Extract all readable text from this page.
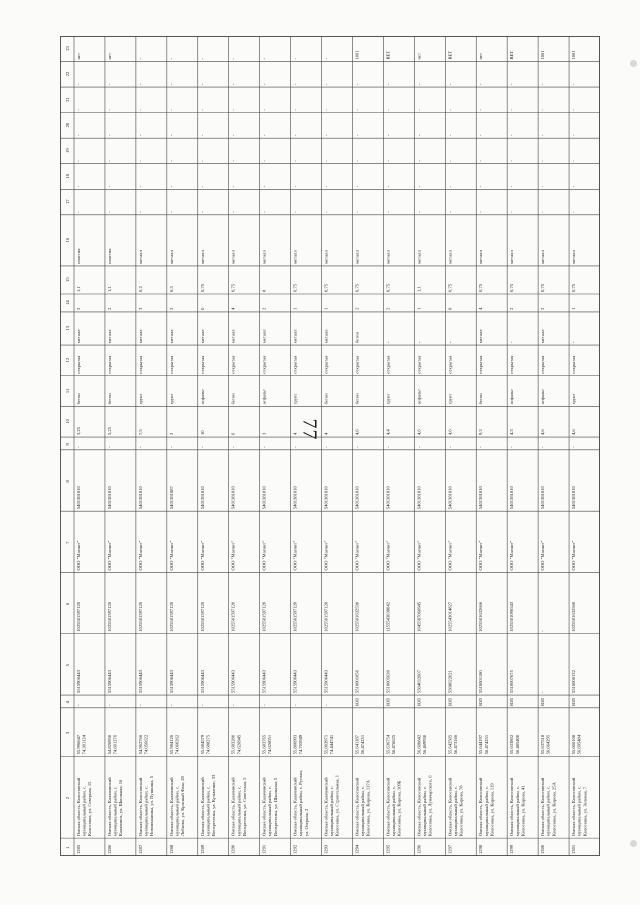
77
1
2
3
4
5
6
7
8
9
10
11
12
13
14
15
16
17
18
19
20
21
22
23
1285
Омская область, Колосовский муниципальный район, с. Колосовка, ул. Северная, 15
55.996647 74.301124
-
5515906443
1025501597120
ООО "Магнит"
5401381810
-
3,25
бетон
открытая
металл
2
1,1
пластик
-
-
-
-
-
-
нет
1286
Омская область, Калачинский муниципальный район, г. Калачинск, ул. Школьная, 16
54.826950 74.601276
-
5515906443
1025501597120
ООО "Магнит"
5401381810
-
5,25
бетон
открытая
металл
2
1,1
пластик
-
-
-
-
-
-
нет
1287
Омская область, Колосовский муниципальный район, с. Новоиванинка, ул. Пушкина, 5
54.962766 74.056622
-
5515906443
1025501597120
ООО "Магнит"
5401381810
-
7,5
грунт
открытая
металл
3
0,2
металл
-
-
-
-
-
-
-
1288
Омская область, Калачинский муниципальный район, с. Лобково, ул. Красный Флаг, 28
55.984126 74.060262
-
5515906443
1025501597120
ООО "Магнит"
5401381887
-
2
грунт
открытая
металл
2
0,5
металл
-
-
-
-
-
-
-
1289
Омская область, Калачинский муниципальный район, с. Воскресенка, ул. Кузьменко, 33
55.684579 74.688275
-
5515906443
1025501597120
ООО "Магнит"
5401381810
-
10
асфальт
открытая
металл
0
0,75
металл
-
-
-
-
-
-
-
1290
Омская область, Калачинский муниципальный район, с. Воскресенка, ул. Советская, 5
55.683280 74.626945
-
5515906443
1025501597120
ООО "Магнит"
5401381810
-
6
бетон
открытая
металл
4
0,75
металл
-
-
-
-
-
-
-
1291
Омская область, Калачинский муниципальный район, с. Воскресенка, ул. Школьная, 5
55.683765 74.626051
-
5515906443
1025501597120
ООО "Магнит"
5401381810
-
3
асфальт
открытая
металл
2
8
металл
-
-
-
-
-
-
-
1292
Омская область, Калачинский муниципальный район, с. Руслан, ул. Озерная, 2
55.800993 74.705949
-
5515906443
1025501597120
ООО "Магнит"
5401381810
-
4
грунт
открытая
металл
1
0,75
металл
-
-
-
-
-
-
-
1293
Омская область, Калачинский муниципальный район, с. Колосовка, ул. Строительная, 1
55.003971 74.444741
-
5515906443
1025501597120
ООО "Магнит"
5401381810
-
4
бетон
открытая
металл
1
0,75
металл
-
-
-
-
-
-
-
1294
Омская область, Колосовский муниципальный район, с. Колосовка, ул. Кирова, 117А
55.641187 56.474251
ЮЛ
5510001056
1025501632530
ООО "Магнит"
5401381810
-
4,6
бетон
открытая
бетон
2
0,75
металл
-
-
-
-
-
-
1061
1295
Омская область, Колосовский муниципальный район, с. Колосовка, ул. Кирова, 109Б
55.636754 56.476625
ЮЛ
5510005630
1155543038042
ООО "Магнит"
5401381810
-
4,4
грунт
открытая
-
2
0,75
металл
-
-
-
-
-
-
ВЕТ
1296
Омская область, Колосовский муниципальный район, с. Колосовка, ул. Луначарского, 6
56.600842 56.469930
ЮЛ
5504032607
1045507066945
ООО "Магнит"
5401381810
-
4,6
асфальт
открытая
-
1
1,1
металл
-
-
-
-
-
-
нет
1297
Омская область, Колосовский муниципальный район, с. Колосовка, ул. Кирова, 78
55.642505 56.473166
ЮЛ
5508022021
1025543014827
ООО "Магнит"
5401381810
-
4,6
грунт
открытая
-
8
0,75
металл
-
-
-
-
-
-
ВЕТ
1298
Омская область, Колосовский муниципальный район, с. Колосовка, ул. Кирова, 119
55.644197 56.474251
ЮЛ
5510001180
1025501632666
ООО "Магнит"
5401381810
-
9,3
бетон
открытая
металл
4
0,75
металл
-
-
-
-
-
-
нет
1299
Омская область, Колосовский муниципальный район, с. Колосовка, ул. Кирова, 41
55.633802 56.485400
ЮЛ
5510007675
1025501096543
ООО "Магнит"
5401381810
-
4,3
асфальт
открытая
-
2
0,75
металл
-
-
-
-
-
-
ВЕТ
1300
Омская область, Колосовский муниципальный район, с. Колосовка, ул. Кирова, 25А
55.637518 56.664295
ЮЛ
-
-
ООО "Магнит"
5401381810
-
4,6
асфальт
открытая
металл
2
0,75
металл
-
-
-
-
-
-
1061
1301
Омская область, Колосовский муниципальный район, с. Колосовка, ул. Зеленая, 7
55.606108 56.695484
ЮЛ
5516000132
1025501632560
ООО "Магнит"
5401381810
-
4,6
грунт
открытая
-
1
0,75
металл
-
-
-
-
-
-
1061
